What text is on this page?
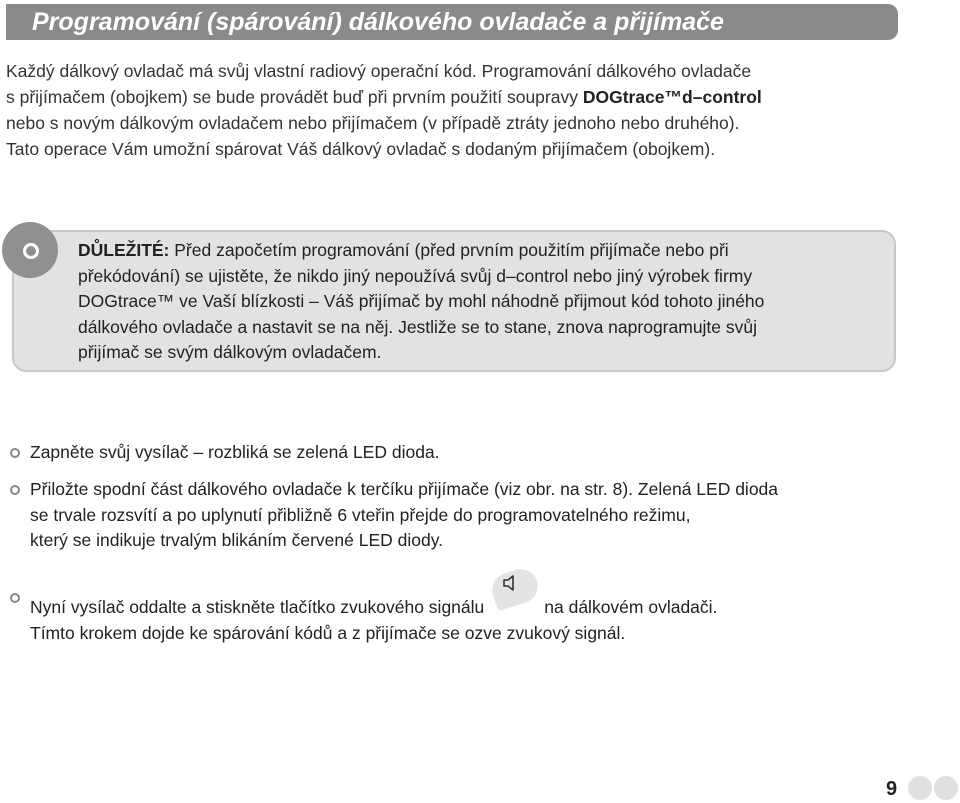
Programování (spárování) dálkového ovladače a přijímače

Každý dálkový ovladač má svůj vlastní radiový operační kód. Programování dálkového ovladače

s přijímačem (obojkem) se bude provádět buď při prvním použití soupravy DOGtrace™d–control

nebo s novým dálkovým ovladačem nebo přijímačem (v případě ztráty jednoho nebo druhého).

Tato operace Vám umožní spárovat Váš dálkový ovladač s dodaným přijímačem (obojkem).

DŮLEŽITÉ: Před započetím programování (před prvním použitím přijímače nebo při

překódování) se ujistěte, že nikdo jiný nepoužívá svůj d–control nebo jiný výrobek firmy

DOGtrace™ ve Vaší blízkosti – Váš přijímač by mohl náhodně přijmout kód tohoto jiného

dálkového ovladače a nastavit se na něj. Jestliže se to stane, znova naprogramujte svůj

přijímač se svým dálkovým ovladačem.

Zapněte svůj vysílač – rozbliká se zelená LED dioda.

Přiložte spodní část dálkového ovladače k terčíku přijímače (viz obr. na str. 8). Zelená LED dioda

se trvale rozsvítí a po uplynutí přibližně 6 vteřin přejde do programovatelného režimu,

který se indikuje trvalým blikáním červené LED diody.

Nyní vysílač oddalte a stiskněte tlačítko zvukového signálu	na dálkovém ovladači.

Tímto krokem dojde ke spárování kódů a z přijímače se ozve zvukový signál.

9
